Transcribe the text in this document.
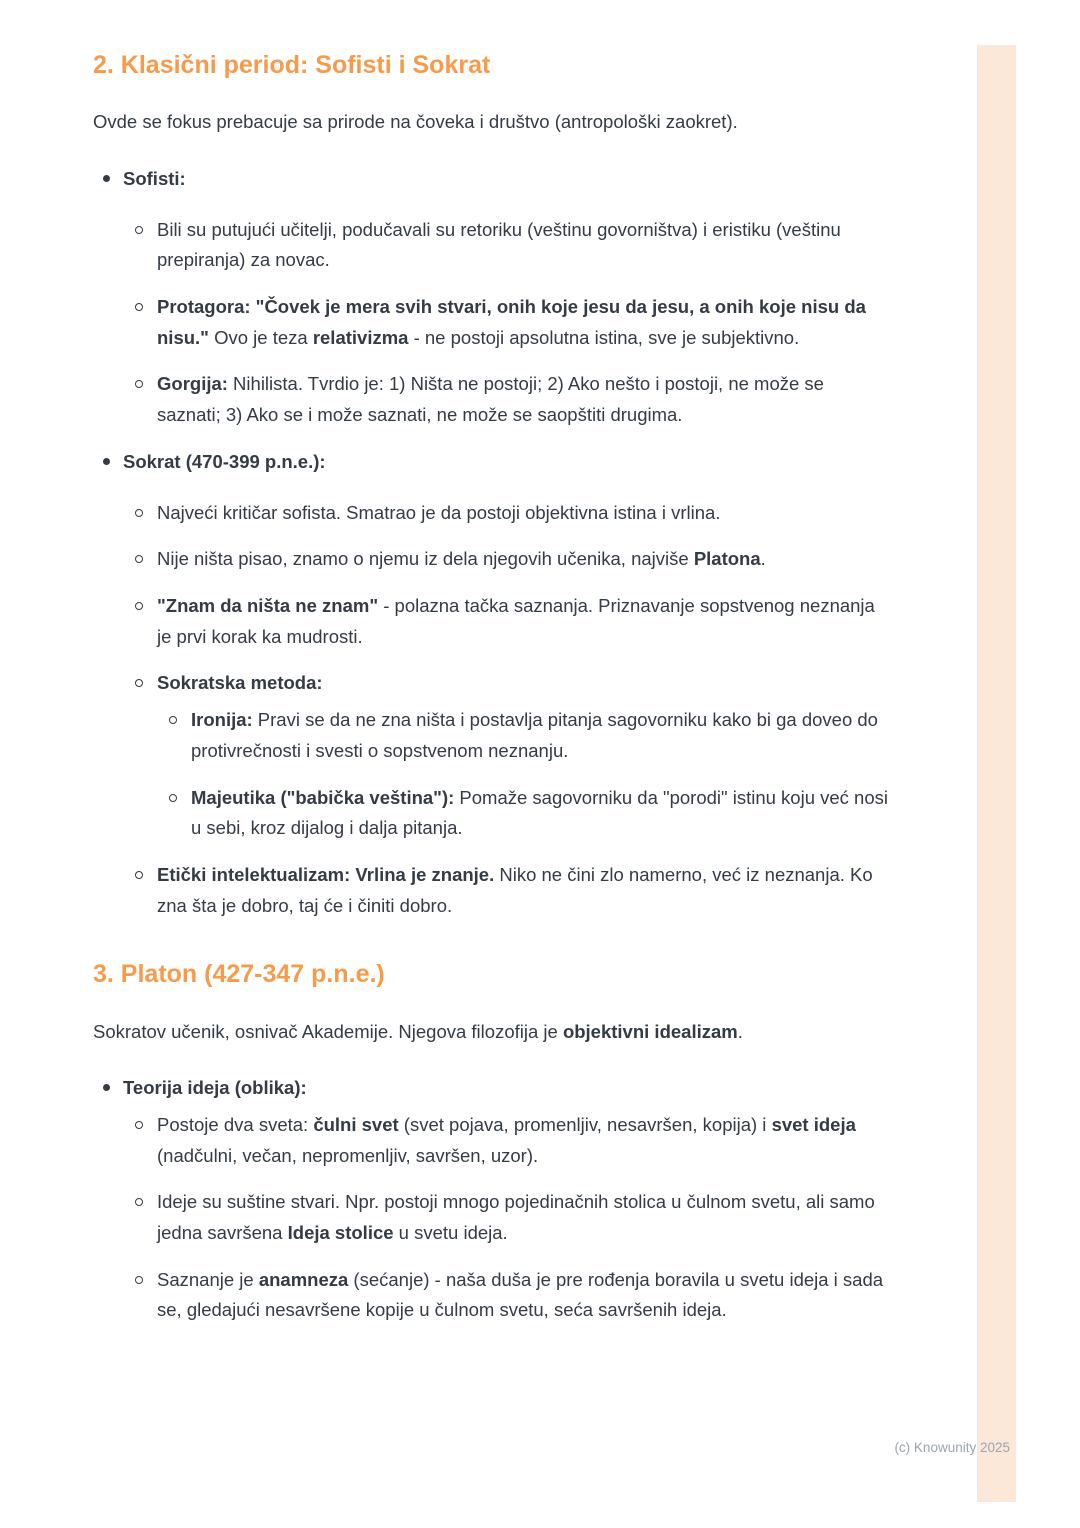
2. Klasični period: Sofisti i Sokrat

Ovde se fokus prebacuje sa prirode na čoveka i društvo (antropološki zaokret).

Sofisti:
Bili su putujući učitelji, podučavali su retoriku (veštinu govorništva) i eristiku (veštinu prepiranja) za novac.
Protagora: "Čovek je mera svih stvari, onih koje jesu da jesu, a onih koje nisu da nisu." Ovo je teza relativizma - ne postoji apsolutna istina, sve je subjektivno.
Gorgija: Nihilista. Tvrdio je: 1) Ništa ne postoji; 2) Ako nešto i postoji, ne može se saznati; 3) Ako se i može saznati, ne može se saopštiti drugima.
Sokrat (470-399 p.n.e.):
Najveći kritičar sofista. Smatrao je da postoji objektivna istina i vrlina.
Nije ništa pisao, znamo o njemu iz dela njegovih učenika, najviše Platona.
"Znam da ništa ne znam" - polazna tačka saznanja. Priznavanje sopstvenog neznanja je prvi korak ka mudrosti.
Sokratska metoda:
Ironija: Pravi se da ne zna ništa i postavlja pitanja sagovorniku kako bi ga doveo do protivrečnosti i svesti o sopstvenom neznanju.
Majeutika ("babička veština"): Pomaže sagovorniku da "porodi" istinu koju već nosi u sebi, kroz dijalog i dalja pitanja.
Etički intelektualizam: Vrlina je znanje. Niko ne čini zlo namerno, već iz neznanja. Ko zna šta je dobro, taj će i činiti dobro.
3. Platon (427-347 p.n.e.)

Sokratov učenik, osnivač Akademije. Njegova filozofija je objektivni idealizam.

Teorija ideja (oblika):
Postoje dva sveta: čulni svet (svet pojava, promenljiv, nesavršen, kopija) i svet ideja (nadčulni, večan, nepromenljiv, savršen, uzor).
Ideje su suštine stvari. Npr. postoji mnogo pojedinačnih stolica u čulnom svetu, ali samo jedna savršena Ideja stolice u svetu ideja.
Saznanje je anamneza (sećanje) - naša duša je pre rođenja boravila u svetu ideja i sada se, gledajući nesavršene kopije u čulnom svetu, seća savršenih ideja.
(c) Knowunity 2025
